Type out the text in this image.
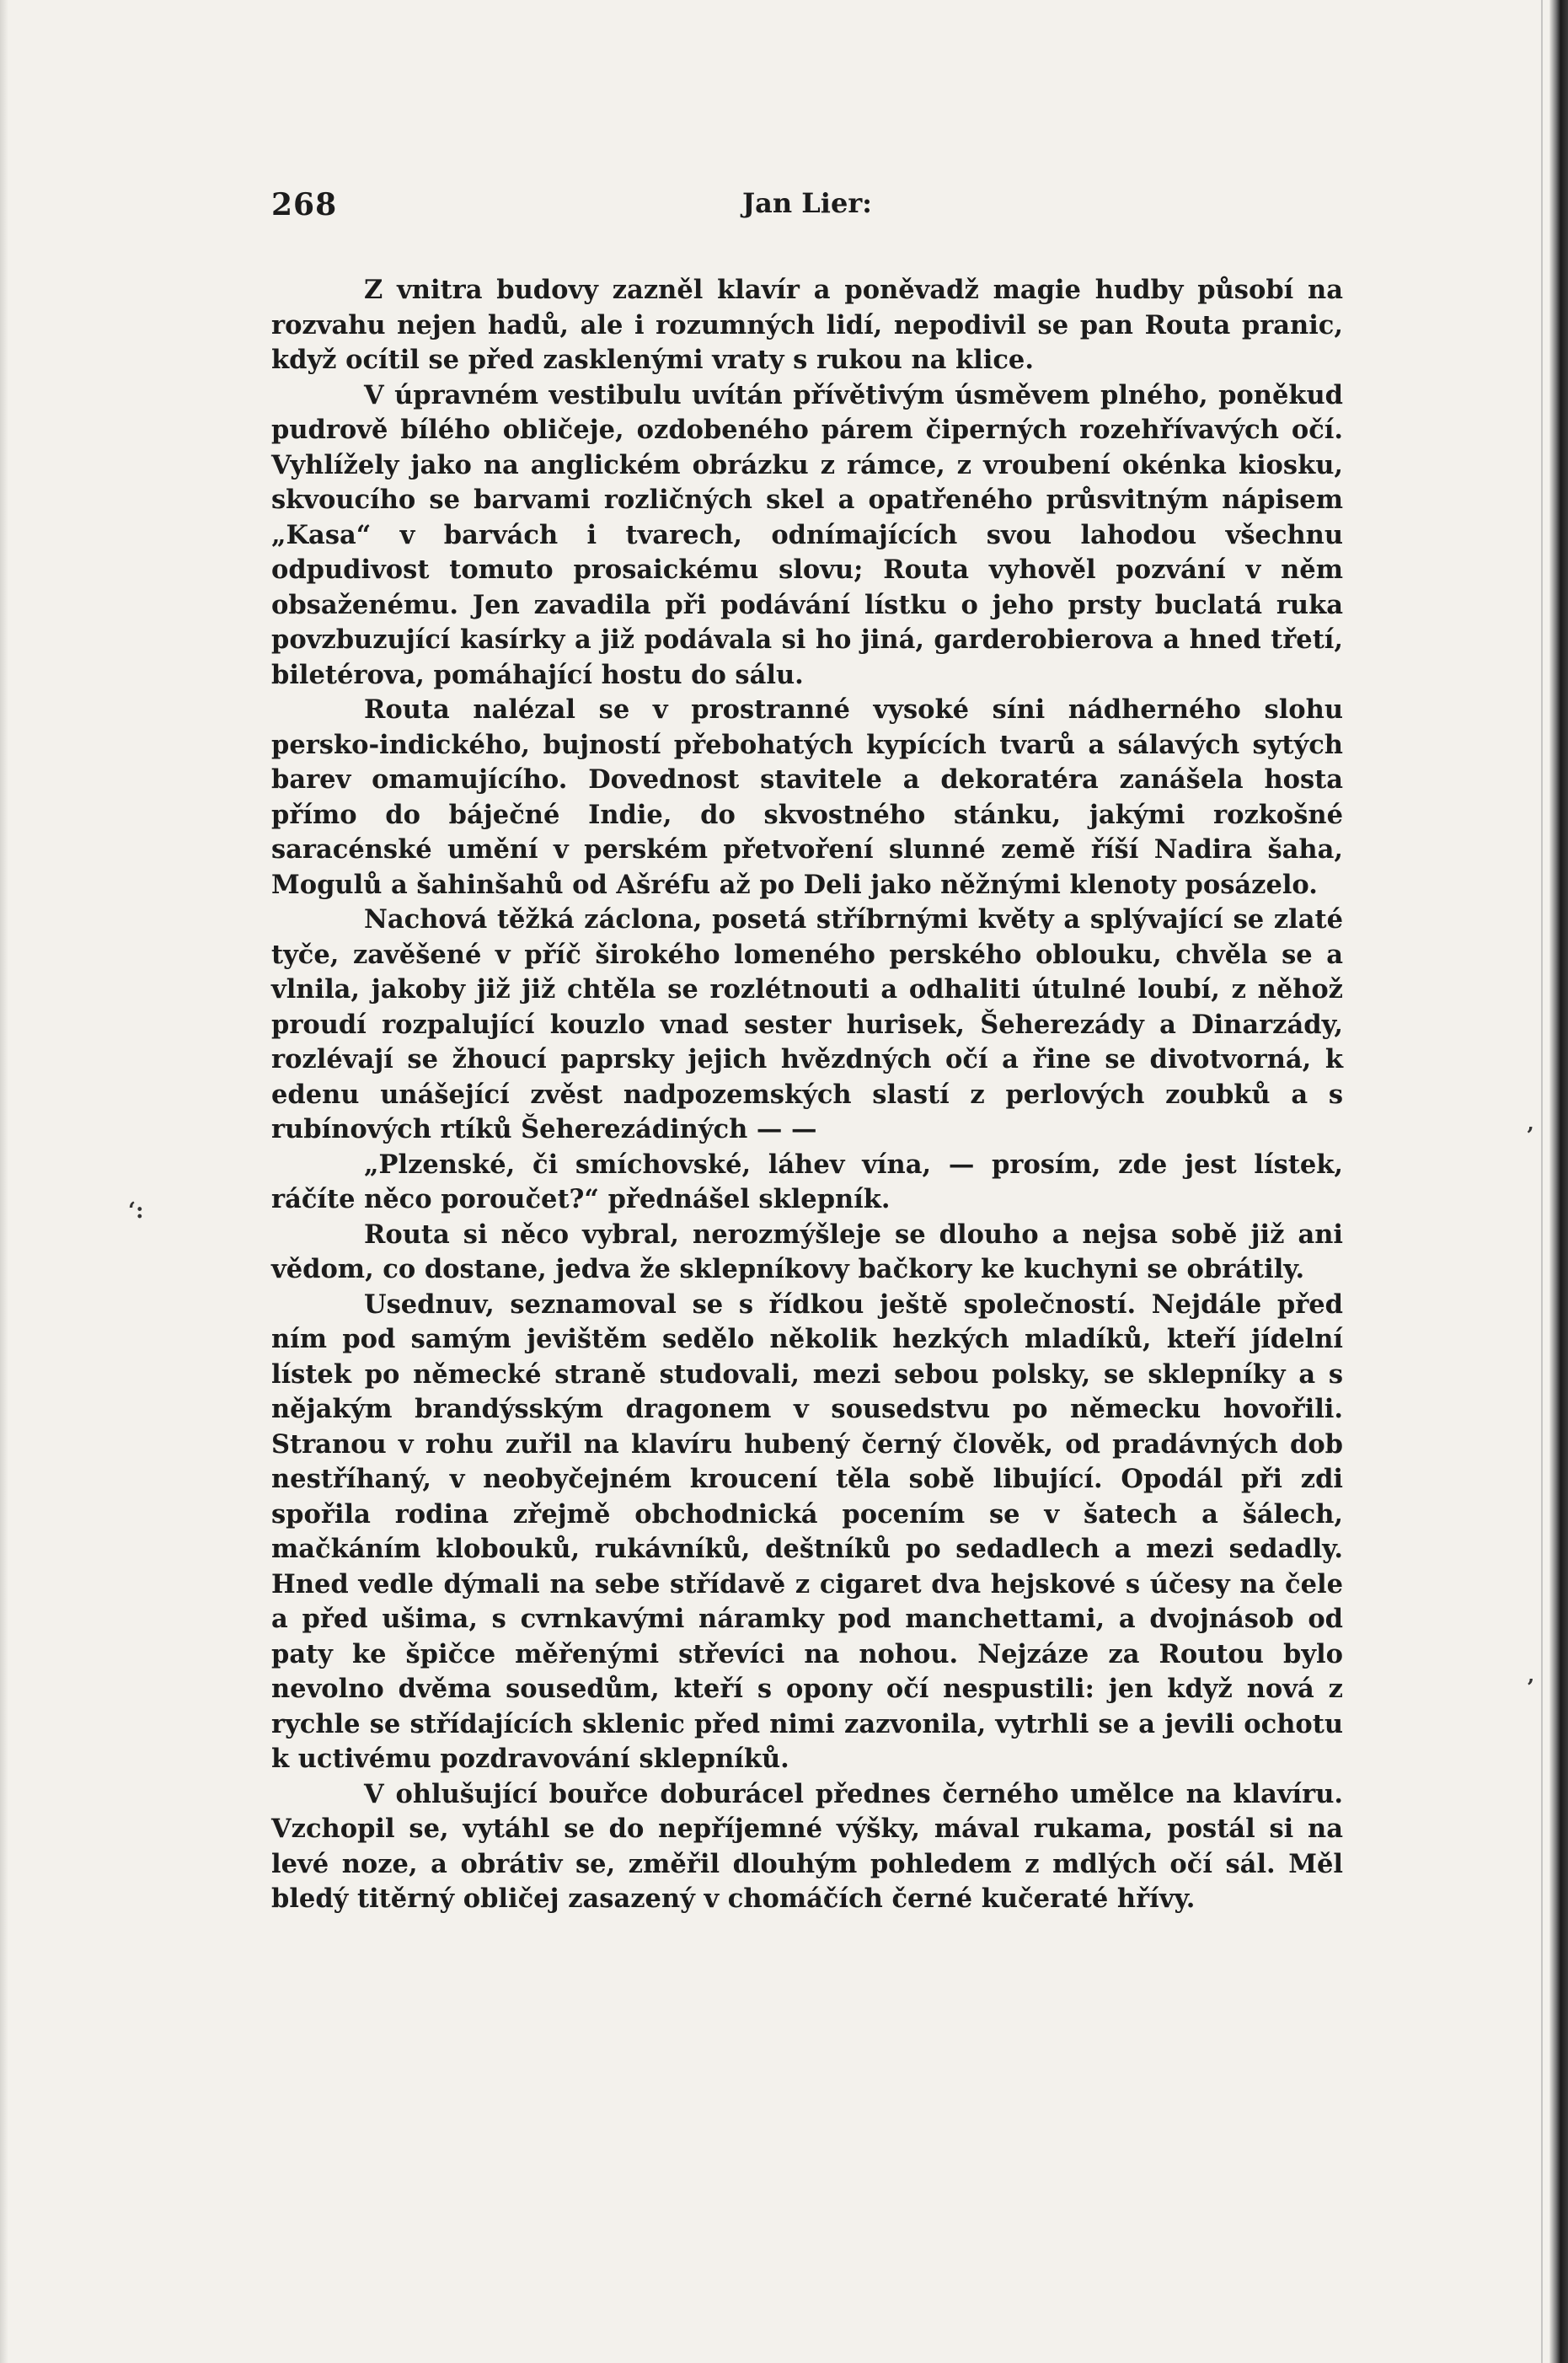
268	Jan Lier:

Z vnitra budovy zazněl klavír a poněvadž magie hudby působí na rozvahu nejen hadů, ale i rozumných lidí, nepodivil se pan Routa pranic, když ocítil se před zasklenými vraty s rukou na klice.

V úpravném vestibulu uvítán přívětivým úsměvem plného, poněkud pudrově bílého obličeje, ozdobeného párem čiperných rozehřívavých očí. Vyhlížely jako na anglickém obrázku z rámce, z vroubení okénka kiosku, skvoucího se barvami rozličných skel a opatřeného průsvitným nápisem „Kasa“ v barvách i tvarech, odnímajících svou lahodou všechnu odpudivost tomuto prosaickému slovu; Routa vyhověl pozvání v něm obsaženému. Jen zavadila při podávání lístku o jeho prsty buclatá ruka povzbuzující kasírky a již podávala si ho jiná, garderobierova a hned třetí, biletérova, pomáhající hostu do sálu.

Routa nalézal se v prostranné vysoké síni nádherného slohu persko-indického, bujností přebohatých kypících tvarů a sálavých sytých barev omamujícího. Dovednost stavitele a dekoratéra zanášela hosta přímo do báječné Indie, do skvostného stánku, jakými rozkošné saracénské umění v perském přetvoření slunné země říší Nadira šaha, Mogulů a šahinšahů od Ašréfu až po Deli jako něžnými klenoty posázelo.

Nachová těžká záclona, posetá stříbrnými květy a splývající se zlaté tyče, zavěšené v příč širokého lomeného perského oblouku, chvěla se a vlnila, jakoby již již chtěla se rozlétnouti a odhaliti útulné loubí, z něhož proudí rozpalující kouzlo vnad sester hurisek, Šeherezády a Dinarzády, rozlévají se žhoucí paprsky jejich hvězdných očí a řine se divotvorná, k edenu unášející zvěst nadpozemských slastí z perlových zoubků a s rubínových rtíků Šeherezádiných — —

„Plzenské, či smíchovské, láhev vína, — prosím, zde jest lístek, ráčíte něco poroučet?“ přednášel sklepník.

Routa si něco vybral, nerozmýšleje se dlouho a nejsa sobě již ani vědom, co dostane, jedva že sklepníkovy bačkory ke kuchyni se obrátily.

Usednuv, seznamoval se s řídkou ještě společností. Nejdále před ním pod samým jevištěm sedělo několik hezkých mladíků, kteří jídelní lístek po německé straně studovali, mezi sebou polsky, se sklepníky a s nějakým brandýsským dragonem v sousedstvu po německu hovořili. Stranou v rohu zuřil na klavíru hubený černý člověk, od pradávných dob nestříhaný, v neobyčejném kroucení těla sobě libující. Opodál při zdi spořila rodina zřejmě obchodnická pocením se v šatech a šálech, mačkáním klobouků, rukávníků, deštníků po sedadlech a mezi sedadly. Hned vedle dýmali na sebe střídavě z cigaret dva hejskové s účesy na čele a před ušima, s cvrnkavými náramky pod manchettami, a dvojnásob od paty ke špičce měřenými střevíci na nohou. Nejzáze za Routou bylo nevolno dvěma sousedům, kteří s opony očí nespustili: jen když nová z rychle se střídajících sklenic před nimi zazvonila, vytrhli se a jevili ochotu k uctivému pozdravování sklepníků.

V ohlušující bouřce doburácel přednes černého umělce na klavíru. Vzchopil se, vytáhl se do nepříjemné výšky, mával rukama, postál si na levé noze, a obrátiv se, změřil dlouhým pohledem z mdlých očí sál. Měl bledý titěrný obličej zasazený v chomáčích černé kučeraté hřívy.

‚
‘:
’
